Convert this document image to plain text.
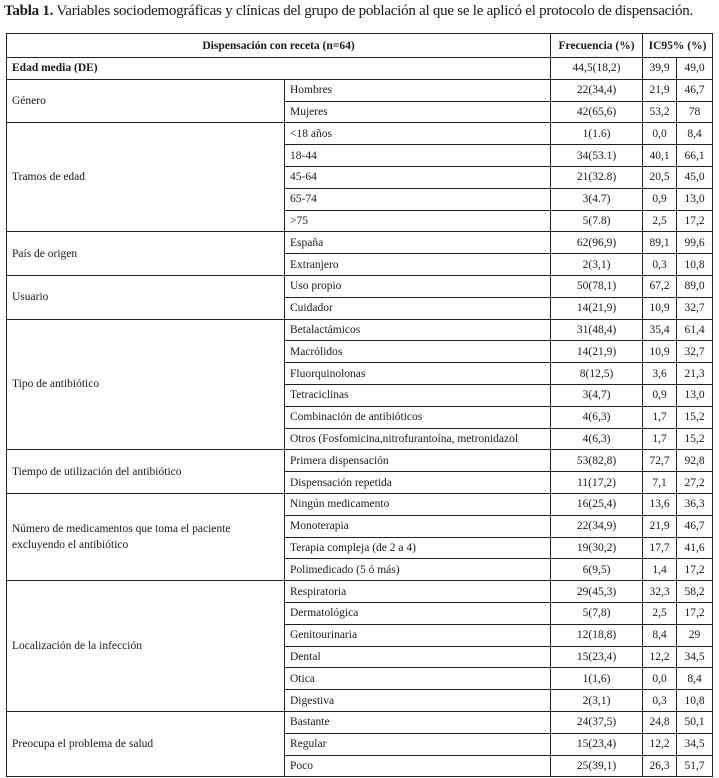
Tabla 1. Variables sociodemográficas y clínicas del grupo de población al que se le aplicó el protocolo de dispensación.
Dispensación con receta (n=64)		Frecuencia (%)	IC95% (%)	
Edad media (DE)		44,5(18,2)	39,9	49,0
Género	Hombres	22(34,4)	21,9	46,7
	Mujeres	42(65,6)	53,2	78
Tramos de edad	<18 años	1(1.6)	0,0	8,4
	18-44	34(53.1)	40,1	66,1
	45-64	21(32.8)	20,5	45,0
	65-74	3(4.7)	0,9	13,0
	>75	5(7.8)	2,5	17,2
País de origen	España	62(96,9)	89,1	99,6
	Extranjero	2(3,1)	0,3	10,8
Usuario	Uso propio	50(78,1)	67,2	89,0
	Cuidador	14(21,9)	10,9	32,7
Tipo de antibiótico	Betalactámicos	31(48,4)	35,4	61,4
	Macrólidos	14(21,9)	10,9	32,7
	Fluorquinolonas	8(12,5)	3,6	21,3
	Tetraciclinas	3(4,7)	0,9	13,0
	Combinación de antibióticos	4(6,3)	1,7	15,2
	Otros (Fosfomicina,nitrofurantoína, metronidazol	4(6,3)	1,7	15,2
Tiempo de utilización del antibiótico	Primera dispensación	53(82,8)	72,7	92,8
	Dispensación repetida	11(17,2)	7,1	27,2
Número de medicamentos que toma el paciente excluyendo el antibiótico	Ningún medicamento	16(25,4)	13,6	36,3
	Monoterapia	22(34,9)	21,9	46,7
	Terapia compleja (de 2 a 4)	19(30,2)	17,7	41,6
	Polimedicado (5 ó más)	6(9,5)	1,4	17,2
Localización de la infección	Respiratoria	29(45,3)	32,3	58,2
	Dermatológica	5(7,8)	2,5	17,2
	Genitourinaria	12(18,8)	8,4	29
	Dental	15(23,4)	12,2	34,5
	Otica	1(1,6)	0,0	8,4
	Digestiva	2(3,1)	0,3	10,8
Preocupa el problema de salud	Bastante	24(37,5)	24,8	50,1
	Regular	15(23,4)	12,2	34,5
	Poco	25(39,1)	26,3	51,7
